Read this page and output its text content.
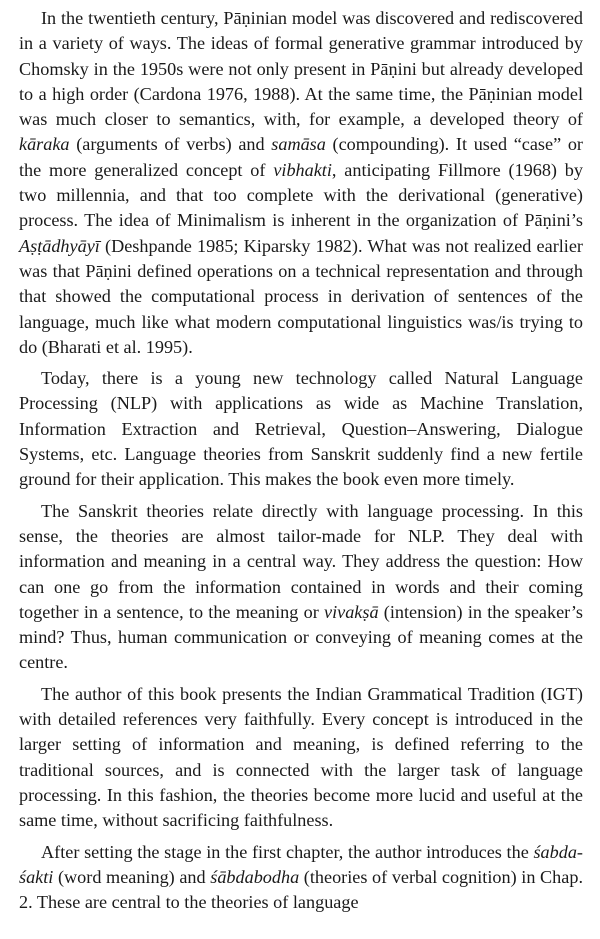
In the twentieth century, Pāṇinian model was discovered and rediscovered in a variety of ways. The ideas of formal generative grammar introduced by Chomsky in the 1950s were not only present in Pāṇini but already developed to a high order (Cardona 1976, 1988). At the same time, the Pāṇinian model was much closer to semantics, with, for example, a developed theory of kāraka (arguments of verbs) and samāsa (compounding). It used “case” or the more generalized concept of vibhakti, anticipating Fillmore (1968) by two millennia, and that too complete with the derivational (generative) process. The idea of Minimalism is inherent in the organization of Pāṇini’s Aṣṭādhyāyī (Deshpande 1985; Kiparsky 1982). What was not realized earlier was that Pāṇini defined operations on a technical representation and through that showed the computational process in derivation of sentences of the language, much like what modern computational linguistics was/is trying to do (Bharati et al. 1995).

Today, there is a young new technology called Natural Language Processing (NLP) with applications as wide as Machine Translation, Information Extraction and Retrieval, Question–Answering, Dialogue Systems, etc. Language theories from Sanskrit suddenly find a new fertile ground for their application. This makes the book even more timely.

The Sanskrit theories relate directly with language processing. In this sense, the theories are almost tailor-made for NLP. They deal with information and meaning in a central way. They address the question: How can one go from the information contained in words and their coming together in a sentence, to the meaning or vivakṣā (intension) in the speaker’s mind? Thus, human communication or conveying of meaning comes at the centre.

The author of this book presents the Indian Grammatical Tradition (IGT) with detailed references very faithfully. Every concept is introduced in the larger setting of information and meaning, is defined referring to the traditional sources, and is connected with the larger task of language processing. In this fashion, the theories become more lucid and useful at the same time, without sacrificing faithfulness.

After setting the stage in the first chapter, the author introduces the śabda-śakti (word meaning) and śābdabodha (theories of verbal cognition) in Chap. 2. These are central to the theories of language
